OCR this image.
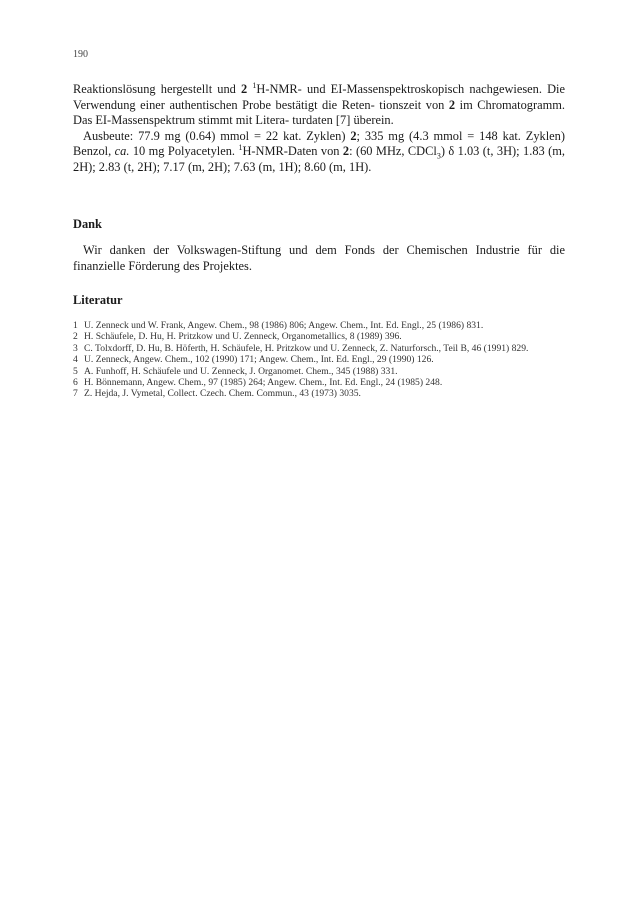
190

Reaktionslösung hergestellt und 2 $^1$H-NMR- und EI-Massenspektroskopisch nachgewiesen. Die Verwendung einer authentischen Probe bestätigt die Reten- tionszeit von 2 im Chromatogramm. Das EI-Massenspektrum stimmt mit Litera- turdaten [7] überein.

Ausbeute: 77.9 mg (0.64) mmol = 22 kat. Zyklen) 2; 335 mg (4.3 mmol = 148 kat. Zyklen) Benzol, ca. 10 mg Polyacetylen. $^1$H-NMR-Daten von 2: (60 MHz, CDCl$_3$) δ 1.03 (t, 3H); 1.83 (m, 2H); 2.83 (t, 2H); 7.17 (m, 2H); 7.63 (m, 1H); 8.60 (m, 1H).

Dank

Wir danken der Volkswagen-Stiftung und dem Fonds der Chemischen Industrie für die finanzielle Förderung des Projektes.

Literatur
1 U. Zenneck und W. Frank, Angew. Chem., 98 (1986) 806; Angew. Chem., Int. Ed. Engl., 25 (1986) 831.
2 H. Schäufele, D. Hu, H. Pritzkow und U. Zenneck, Organometallics, 8 (1989) 396.
3 C. Tolxdorff, D. Hu, B. Höferth, H. Schäufele, H. Pritzkow und U. Zenneck, Z. Naturforsch., Teil B, 46 (1991) 829.
4 U. Zenneck, Angew. Chem., 102 (1990) 171; Angew. Chem., Int. Ed. Engl., 29 (1990) 126.
5 A. Funhoff, H. Schäufele und U. Zenneck, J. Organomet. Chem., 345 (1988) 331.
6 H. Bönnemann, Angew. Chem., 97 (1985) 264; Angew. Chem., Int. Ed. Engl., 24 (1985) 248.
7 Z. Hejda, J. Vymetal, Collect. Czech. Chem. Commun., 43 (1973) 3035.
